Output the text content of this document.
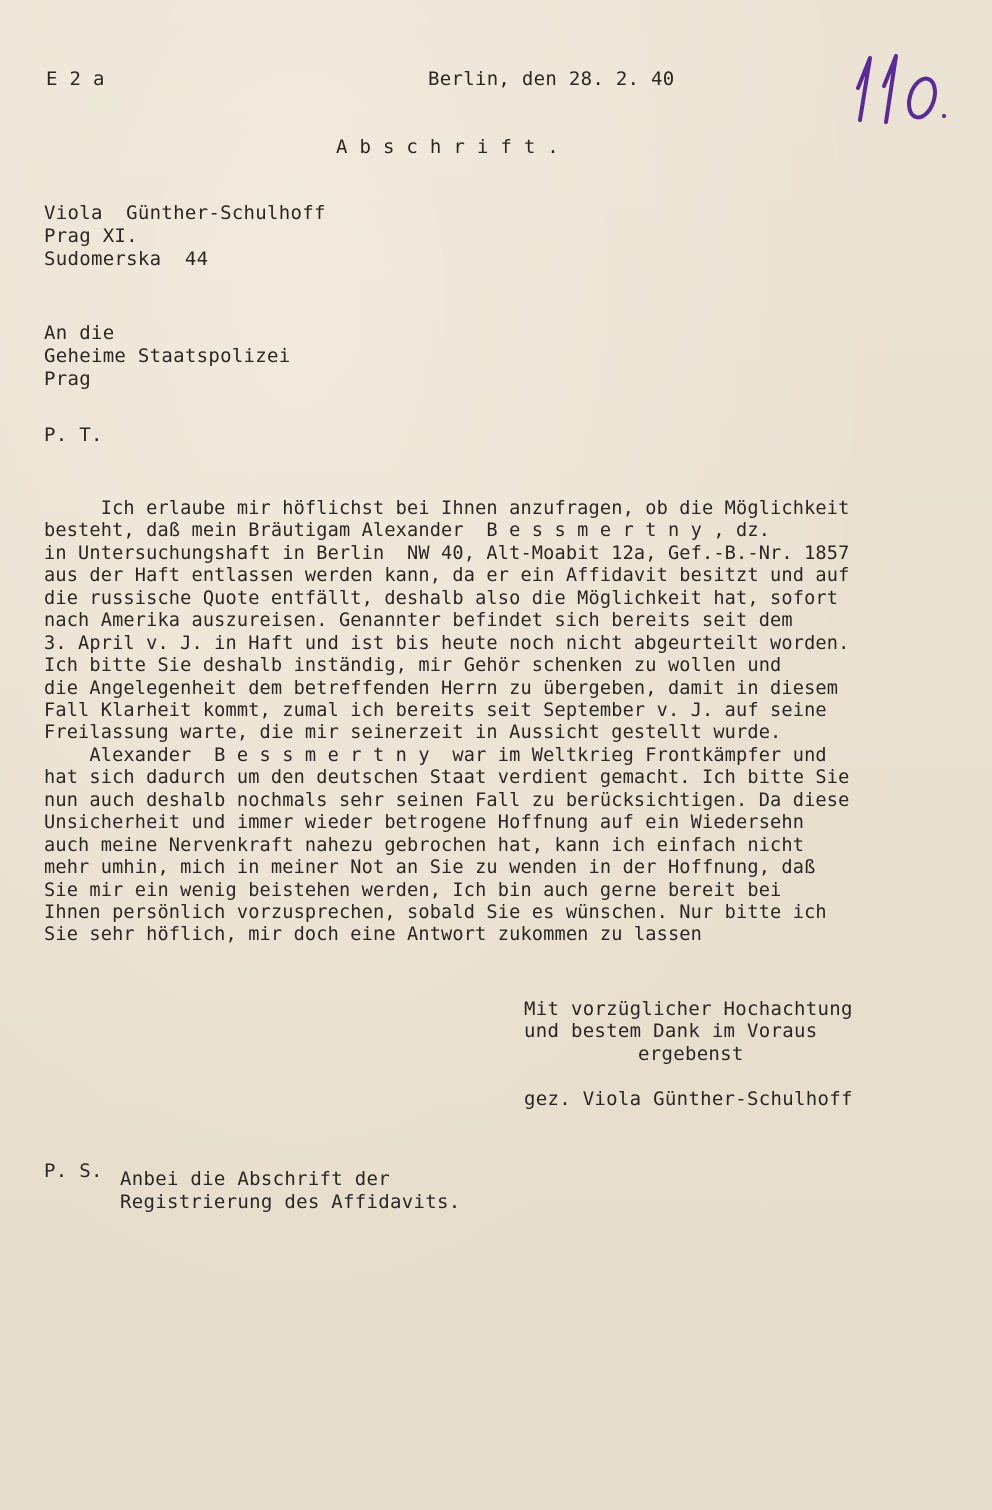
E 2 a	Berlin, den 28. 2. 40
110
A b s c h r i f t .
Viola  Günther-Schulhoff
Prag XI.
Sudomerska  44
An die
Geheime Staatspolizei
Prag
P. T.
Ich erlaube mir höflichst bei Ihnen anzufragen, ob die Möglichkeit
besteht, daß mein Bräutigam Alexander  B e s s m e r t n y , dz.
in Untersuchungshaft in Berlin  NW 40, Alt-Moabit 12a, Gef.-B.-Nr. 1857
aus der Haft entlassen werden kann, da er ein Affidavit besitzt und auf
die russische Quote entfällt, deshalb also die Möglichkeit hat, sofort
nach Amerika auszureisen. Genannter befindet sich bereits seit dem
3. April v. J. in Haft und ist bis heute noch nicht abgeurteilt worden.
Ich bitte Sie deshalb inständig, mir Gehör schenken zu wollen und
die Angelegenheit dem betreffenden Herrn zu übergeben, damit in diesem
Fall Klarheit kommt, zumal ich bereits seit September v. J. auf seine
Freilassung warte, die mir seinerzeit in Aussicht gestellt wurde.
Alexander  B e s s m e r t n y  war im Weltkrieg Frontkämpfer und
hat sich dadurch um den deutschen Staat verdient gemacht. Ich bitte Sie
nun auch deshalb nochmals sehr seinen Fall zu berücksichtigen. Da diese
Unsicherheit und immer wieder betrogene Hoffnung auf ein Wiedersehn
auch meine Nervenkraft nahezu gebrochen hat, kann ich einfach nicht
mehr umhin, mich in meiner Not an Sie zu wenden in der Hoffnung, daß
Sie mir ein wenig beistehen werden, Ich bin auch gerne bereit bei
Ihnen persönlich vorzusprechen, sobald Sie es wünschen. Nur bitte ich
Sie sehr höflich, mir doch eine Antwort zukommen zu lassen
Mit vorzüglicher Hochachtung
und bestem Dank im Voraus
ergebenst
gez. Viola Günther-Schulhoff
P. S. Anbei die Abschrift der
Registrierung des Affidavits.
